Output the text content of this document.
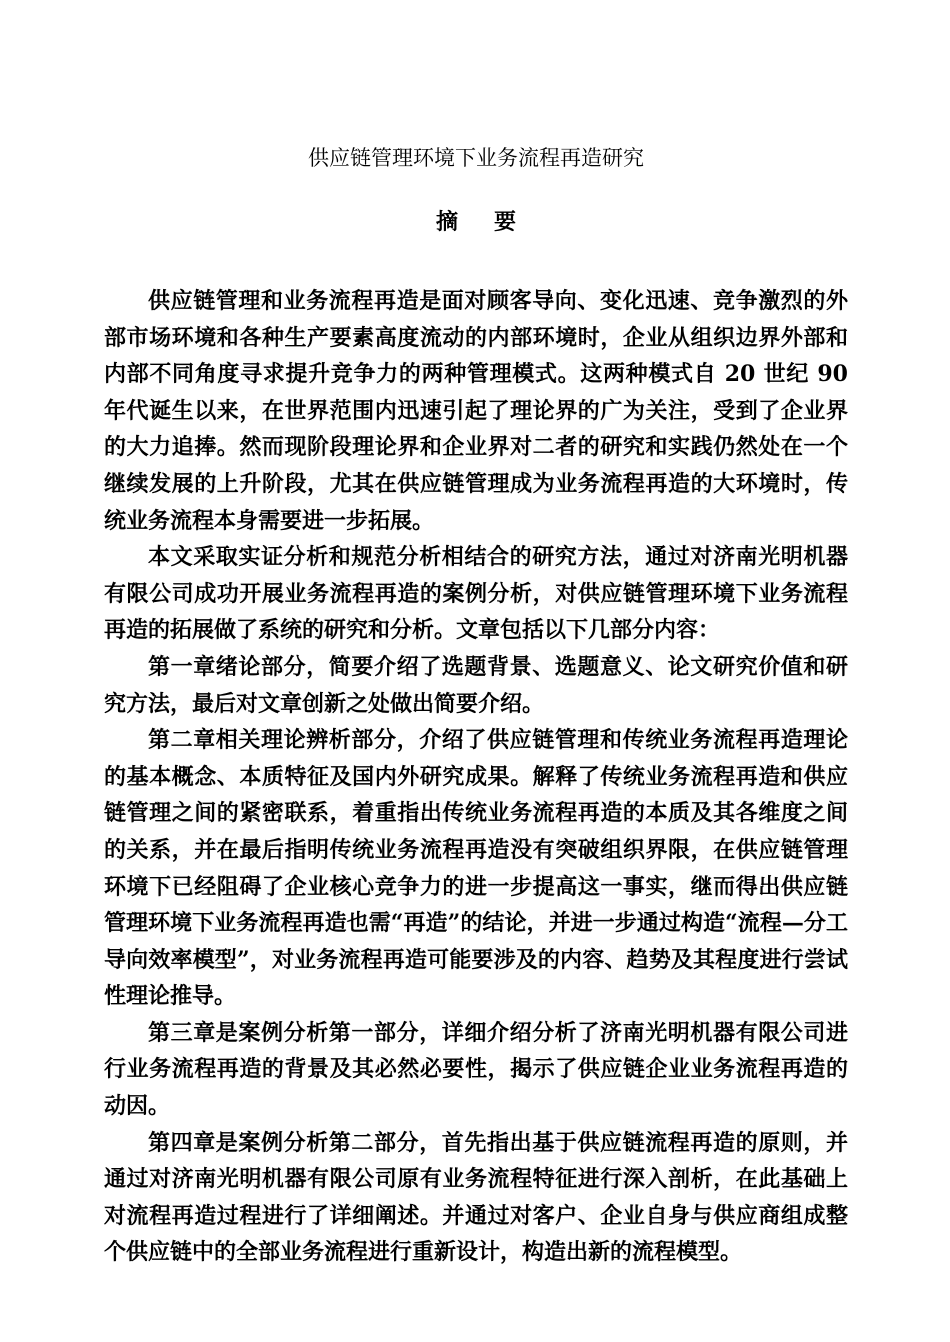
供应链管理环境下业务流程再造研究
摘 要

供应链管理和业务流程再造是面对顾客导向、变化迅速、竞争激烈的外部市场环境和各种生产要素高度流动的内部环境时，企业从组织边界外部和内部不同角度寻求提升竞争力的两种管理模式。这两种模式自 20 世纪 90 年代诞生以来，在世界范围内迅速引起了理论界的广为关注，受到了企业界的大力追捧。然而现阶段理论界和企业界对二者的研究和实践仍然处在一个继续发展的上升阶段，尤其在供应链管理成为业务流程再造的大环境时，传统业务流程本身需要进一步拓展。

本文采取实证分析和规范分析相结合的研究方法，通过对济南光明机器有限公司成功开展业务流程再造的案例分析，对供应链管理环境下业务流程再造的拓展做了系统的研究和分析。文章包括以下几部分内容：

第一章绪论部分，简要介绍了选题背景、选题意义、论文研究价值和研究方法，最后对文章创新之处做出简要介绍。

第二章相关理论辨析部分，介绍了供应链管理和传统业务流程再造理论的基本概念、本质特征及国内外研究成果。解释了传统业务流程再造和供应链管理之间的紧密联系，着重指出传统业务流程再造的本质及其各维度之间的关系，并在最后指明传统业务流程再造没有突破组织界限，在供应链管理环境下已经阻碍了企业核心竞争力的进一步提高这一事实，继而得出供应链管理环境下业务流程再造也需“再造”的结论，并进一步通过构造“流程—分工导向效率模型”，对业务流程再造可能要涉及的内容、趋势及其程度进行尝试性理论推导。

第三章是案例分析第一部分，详细介绍分析了济南光明机器有限公司进行业务流程再造的背景及其必然必要性，揭示了供应链企业业务流程再造的动因。

第四章是案例分析第二部分，首先指出基于供应链流程再造的原则，并通过对济南光明机器有限公司原有业务流程特征进行深入剖析，在此基础上对流程再造过程进行了详细阐述。并通过对客户、企业自身与供应商组成整个供应链中的全部业务流程进行重新设计，构造出新的流程模型。
